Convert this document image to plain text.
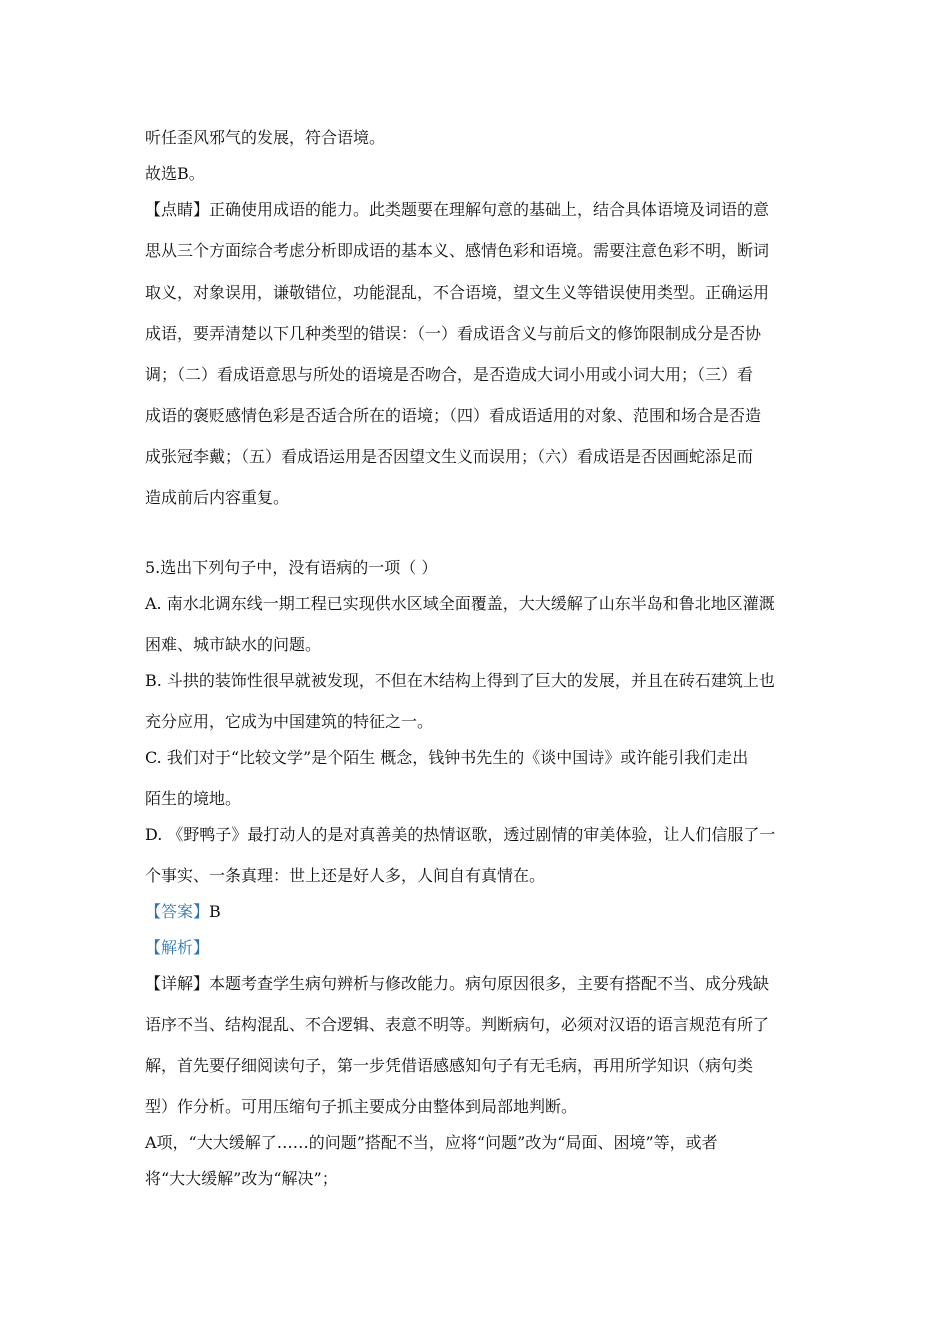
听任歪风邪气的发展，符合语境。
故选B。
【点睛】正确使用成语的能力。此类题要在理解句意的基础上，结合具体语境及词语的意
思从三个方面综合考虑分析即成语的基本义、感情色彩和语境。需要注意色彩不明，断词
取义，对象误用，谦敬错位，功能混乱，不合语境，望文生义等错误使用类型。正确运用
成语，要弄清楚以下几种类型的错误：（一）看成语含义与前后文的修饰限制成分是否协
调；（二）看成语意思与所处的语境是否吻合，是否造成大词小用或小词大用；（三）看
成语的褒贬感情色彩是否适合所在的语境；（四）看成语适用的对象、范围和场合是否造
成张冠李戴；（五）看成语运用是否因望文生义而误用；（六）看成语是否因画蛇添足而
造成前后内容重复。
5.选出下列句子中，没有语病的一项（ ）
A. 南水北调东线一期工程已实现供水区域全面覆盖，大大缓解了山东半岛和鲁北地区灌溉
困难、城市缺水的问题。
B. 斗拱的装饰性很早就被发现，不但在木结构上得到了巨大的发展，并且在砖石建筑上也
充分应用，它成为中国建筑的特征之一。
C. 我们对于“比较文学”是个陌生 概念，钱钟书先生的《谈中国诗》或许能引我们走出
陌生的境地。
D. 《野鸭子》最打动人的是对真善美的热情讴歌，透过剧情的审美体验，让人们信服了一
个事实、一条真理：世上还是好人多，人间自有真情在。
【答案】B
【解析】
【详解】本题考查学生病句辨析与修改能力。病句原因很多，主要有搭配不当、成分残缺
语序不当、结构混乱、不合逻辑、表意不明等。判断病句，必须对汉语的语言规范有所了
解，首先要仔细阅读句子，第一步凭借语感感知句子有无毛病，再用所学知识（病句类
型）作分析。可用压缩句子抓主要成分由整体到局部地判断。
A项，“大大缓解了……的问题”搭配不当，应将“问题”改为“局面、困境”等，或者
将“大大缓解”改为“解决”；
